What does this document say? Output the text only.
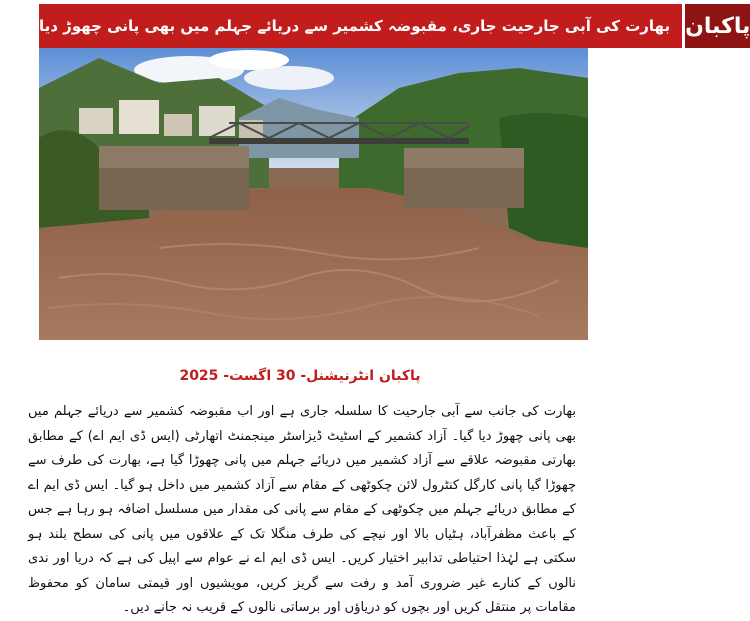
بھارت کی آبی جارحیت جاری، مقبوضہ کشمیر سے دریائے جہلم میں بھی پانی چھوڑ دیا پاکبان
پاکبان انٹرنیشنل- 30 اگست- 2025
بھارت کی جانب سے آبی جارحیت کا سلسلہ جاری ہے اور اب مقبوضہ کشمیر سے دریائے جہلم میں بھی پانی چھوڑ دیا گیا۔ آزاد کشمیر کے اسٹیٹ ڈیزاسٹر مینجمنٹ اتھارٹی (ایس ڈی ایم اے) کے مطابق بھارتی مقبوضہ علاقے سے آزاد کشمیر میں دریائے جہلم میں پانی چھوڑا گیا ہے، بھارت کی طرف سے چھوڑا گیا پانی کارگل کنٹرول لائن چکوٹھی کے مقام سے آزاد کشمیر میں داخل ہو گیا۔ ایس ڈی ایم اے کے مطابق دریائے جہلم میں چکوٹھی کے مقام سے پانی کی مقدار میں مسلسل اضافہ ہو رہا ہے جس کے باعث مظفرآباد، ہٹیاں بالا اور نیچے کی طرف منگلا تک کے علاقوں میں پانی کی سطح بلند ہو سکتی ہے لہٰذا احتیاطی تدابیر اختیار کریں۔ ایس ڈی ایم اے نے عوام سے اپیل کی ہے کہ دریا اور ندی نالوں کے کنارے غیر ضروری آمد و رفت سے گریز کریں، مویشیوں اور قیمتی سامان کو محفوظ مقامات پر منتقل کریں اور بچوں کو دریاؤں اور برساتی نالوں کے قریب نہ جانے دیں۔
